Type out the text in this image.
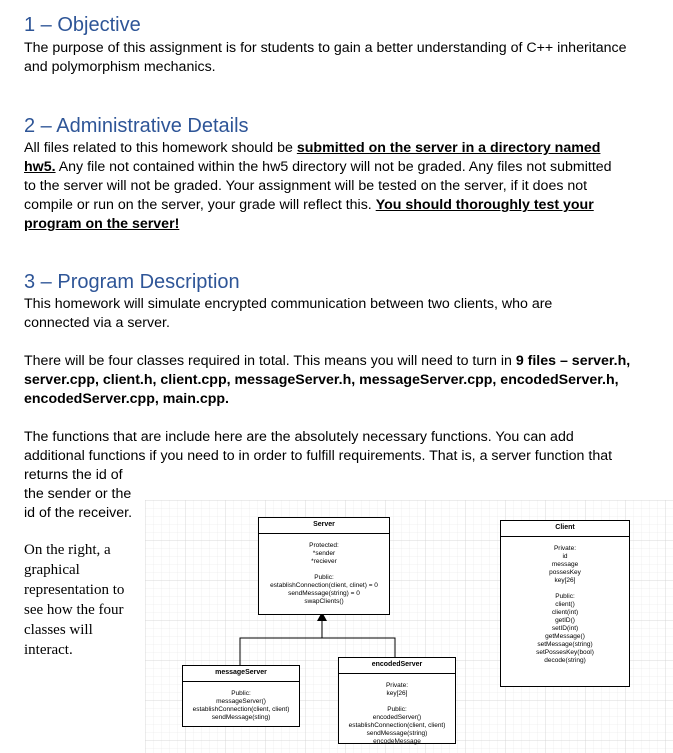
1 – Objective

The purpose of this assignment is for students to gain a better understanding of C++ inheritance

and polymorphism mechanics.

2 – Administrative Details

All files related to this homework should be submitted on the server in a directory named

hw5. Any file not contained within the hw5 directory will not be graded. Any files not submitted

to the server will not be graded. Your assignment will be tested on the server, if it does not

compile or run on the server, your grade will reflect this. You should thoroughly test your

program on the server!

3 – Program Description

This homework will simulate encrypted communication between two clients, who are

connected via a server.

There will be four classes required in total. This means you will need to turn in 9 files – server.h,

server.cpp, client.h, client.cpp, messageServer.h, messageServer.cpp, encodedServer.h,

encodedServer.cpp, main.cpp.

The functions that are include here are the absolutely necessary functions. You can add

additional functions if you need to in order to fulfill requirements. That is, a server function that

returns the id of

the sender or the

id of the receiver.

On the right, a
graphical
representation to
see how the four
classes will
interact.
Server
Protected:
*sender
*reciever
Public:
establishConnection(client, clinet) = 0
sendMessage(string) = 0
swapClients()
Client
Private:
id
message
possesKey
key[26]
Public:
client()
client(int)
getID()
setID(int)
getMessage()
setMessage(string)
setPossesKey(bool)
decode(string)
messageServer
Public:
messageServer()
establishConnection(client, client)
sendMessage(sting)
encodedServer
Private:
key[26]
Public:
encodedServer()
establishConnection(client, client)
sendMessage(string)
encodeMessage
